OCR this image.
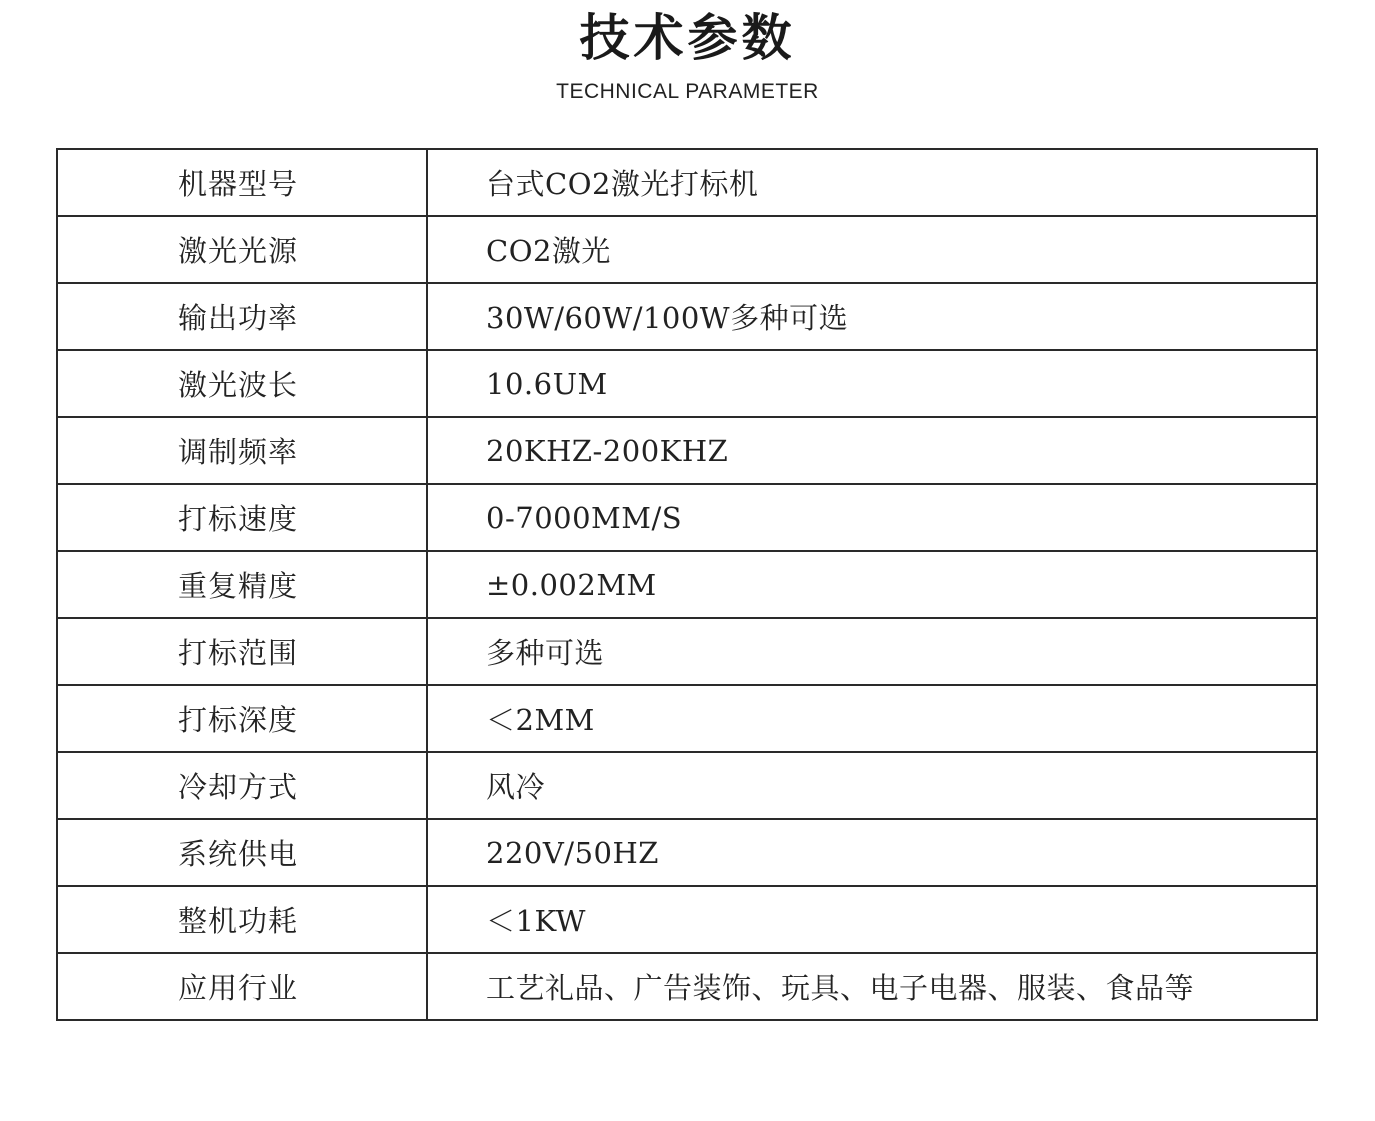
技术参数
TECHNICAL PARAMETER
机器型号	台式CO2激光打标机
激光光源	CO2激光
输出功率	30W/60W/100W多种可选
激光波长	10.6UM
调制频率	20KHZ-200KHZ
打标速度	0-7000MM/S
重复精度	±0.002MM
打标范围	多种可选
打标深度	＜2MM
冷却方式	风冷
系统供电	220V/50HZ
整机功耗	＜1KW
应用行业	工艺礼品、广告装饰、玩具、电子电器、服装、食品等
